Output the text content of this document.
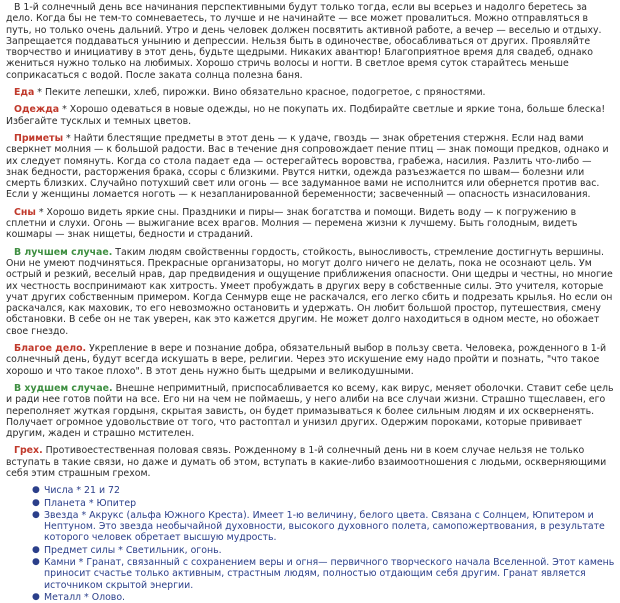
В 1-й солнечный день все начинания перспективными будут только тогда, если вы всерьез и надолго беретесь за дело. Когда бы не тем-то сомневаетесь, то лучше и не начинайте — все может провалиться. Можно отправляться в путь, но только очень дальний. Утро и день человек должен посвятить активной работе, а вечер — веселью и отдыху. Запрещается поддаваться унынию и депрессии. Нельзя быть в одиночестве, обосабливаться от других. Проявляйте творчество и инициативу в этот день, будьте щедрыми. Никаких авантюр! Благоприятное время для свадеб, однако жениться нужно только на любимых. Хорошо стричь волосы и ногти. В светлое время суток старайтесь меньше соприкасаться с водой. После заката солнца полезна баня.

Еда * Пеките лепешки, хлеб, пирожки. Вино обязательно красное, подогретое, с пряностями.

Одежда * Хорошо одеваться в новые одежды, но не покупать их. Подбирайте светлые и яркие тона, больше блеска! Избегайте тусклых и темных цветов.

Приметы * Найти блестящие предметы в этот день — к удаче, гвоздь — знак обретения стержня. Если над вами сверкнет молния — к большой радости. Вас в течение дня сопровождает пение птиц — знак помощи предков, однако и их следует помянуть. Когда со стола падает еда — остерегайтесь воровства, грабежа, насилия. Разлить что-либо — знак бедности, расторжения брака, ссоры с близкими. Рвутся нитки, одежда разъезжается по швам— болезни или смерть близких. Случайно потухший свет или огонь — все задуманное вами не исполнится или обернется против вас. Если у женщины ломается ноготь — к незапланированной беременности; засвеченный — опасность изнасилования.

Сны * Хорошо видеть яркие сны. Праздники и пиры— знак богатства и помощи. Видеть воду — к погружению в сплетни и слухи. Огонь — выжигание всех врагов. Молния — перемена жизни к лучшему. Быть голодным, видеть кошмары — знак нищеты, бедности и страданий.

В лучшем случае. Таким людям свойственны гордость, стойкость, выносливость, стремление достигнуть вершины. Они не умеют подчиняться. Прекрасные организаторы, но могут долго ничего не делать, пока не осознают цель. Ум острый и резкий, веселый нрав, дар предвидения и ощущение приближения опасности. Они щедры и честны, но многие их честность воспринимают как хитрость. Умеет пробуждать в других веру в собственные силы. Это учителя, которые учат других собственным примером. Когда Сенмурв еще не раскачался, его легко сбить и подрезать крылья. Но если он раскачался, как маховик, то его невозможно остановить и удержать. Он любит большой простор, путешествия, смену обстановки. В себе он не так уверен, как это кажется другим. Не может долго находиться в одном месте, но обожает свое гнездо.

Благое дело. Укрепление в вере и познание добра, обязательный выбор в пользу света. Человека, рожденного в 1-й солнечный день, будут всегда искушать в вере, религии. Через это искушение ему надо пройти и познать, "что такое хорошо и что такое плохо". В этот день нужно быть щедрыми и великодушными.

В худшем случае. Внешне непримитный, приспосабливается ко всему, как вирус, меняет оболочки. Ставит себе цель и ради нее готов пойти на все. Его ни на чем не поймаешь, у него алиби на все случаи жизни. Страшно тщеславен, его переполняет жуткая гордыня, скрытая зависть, он будет примазываться к более сильным людям и их оскверненять. Получает огромное удовольствие от того, что растоптал и унизил других. Одержим пороками, которые прививает другим, жаден и страшно мстителен.

Грех. Противоестественная половая связь. Рожденному в 1-й солнечный день ни в коем случае нельзя не только вступать в такие связи, но даже и думать об этом, вступать в какие-либо взаимоотношения с людьми, оскверняющими себя этим страшным грехом.

● Числа * 21 и 72
● Планета * Юпитер
● Звезда * Акрукс (альфа Южного Креста). Имеет 1-ю величину, белого цвета. Связана с Солнцем, Юпитером и Нептуном. Это звезда необычайной духовности, высокого духовного полета, самопожертвования, в результате которого человек обретает высшую мудрость.
● Предмет силы * Светильник, огонь.
● Камни * Гранат, связанный с сохранением веры и огня— первичного творческого начала Вселенной. Этот камень приносит счастье только активным, страстным людям, полностью отдающим себя другим. Гранат является источником скрытой энергии.
● Металл * Олово.
